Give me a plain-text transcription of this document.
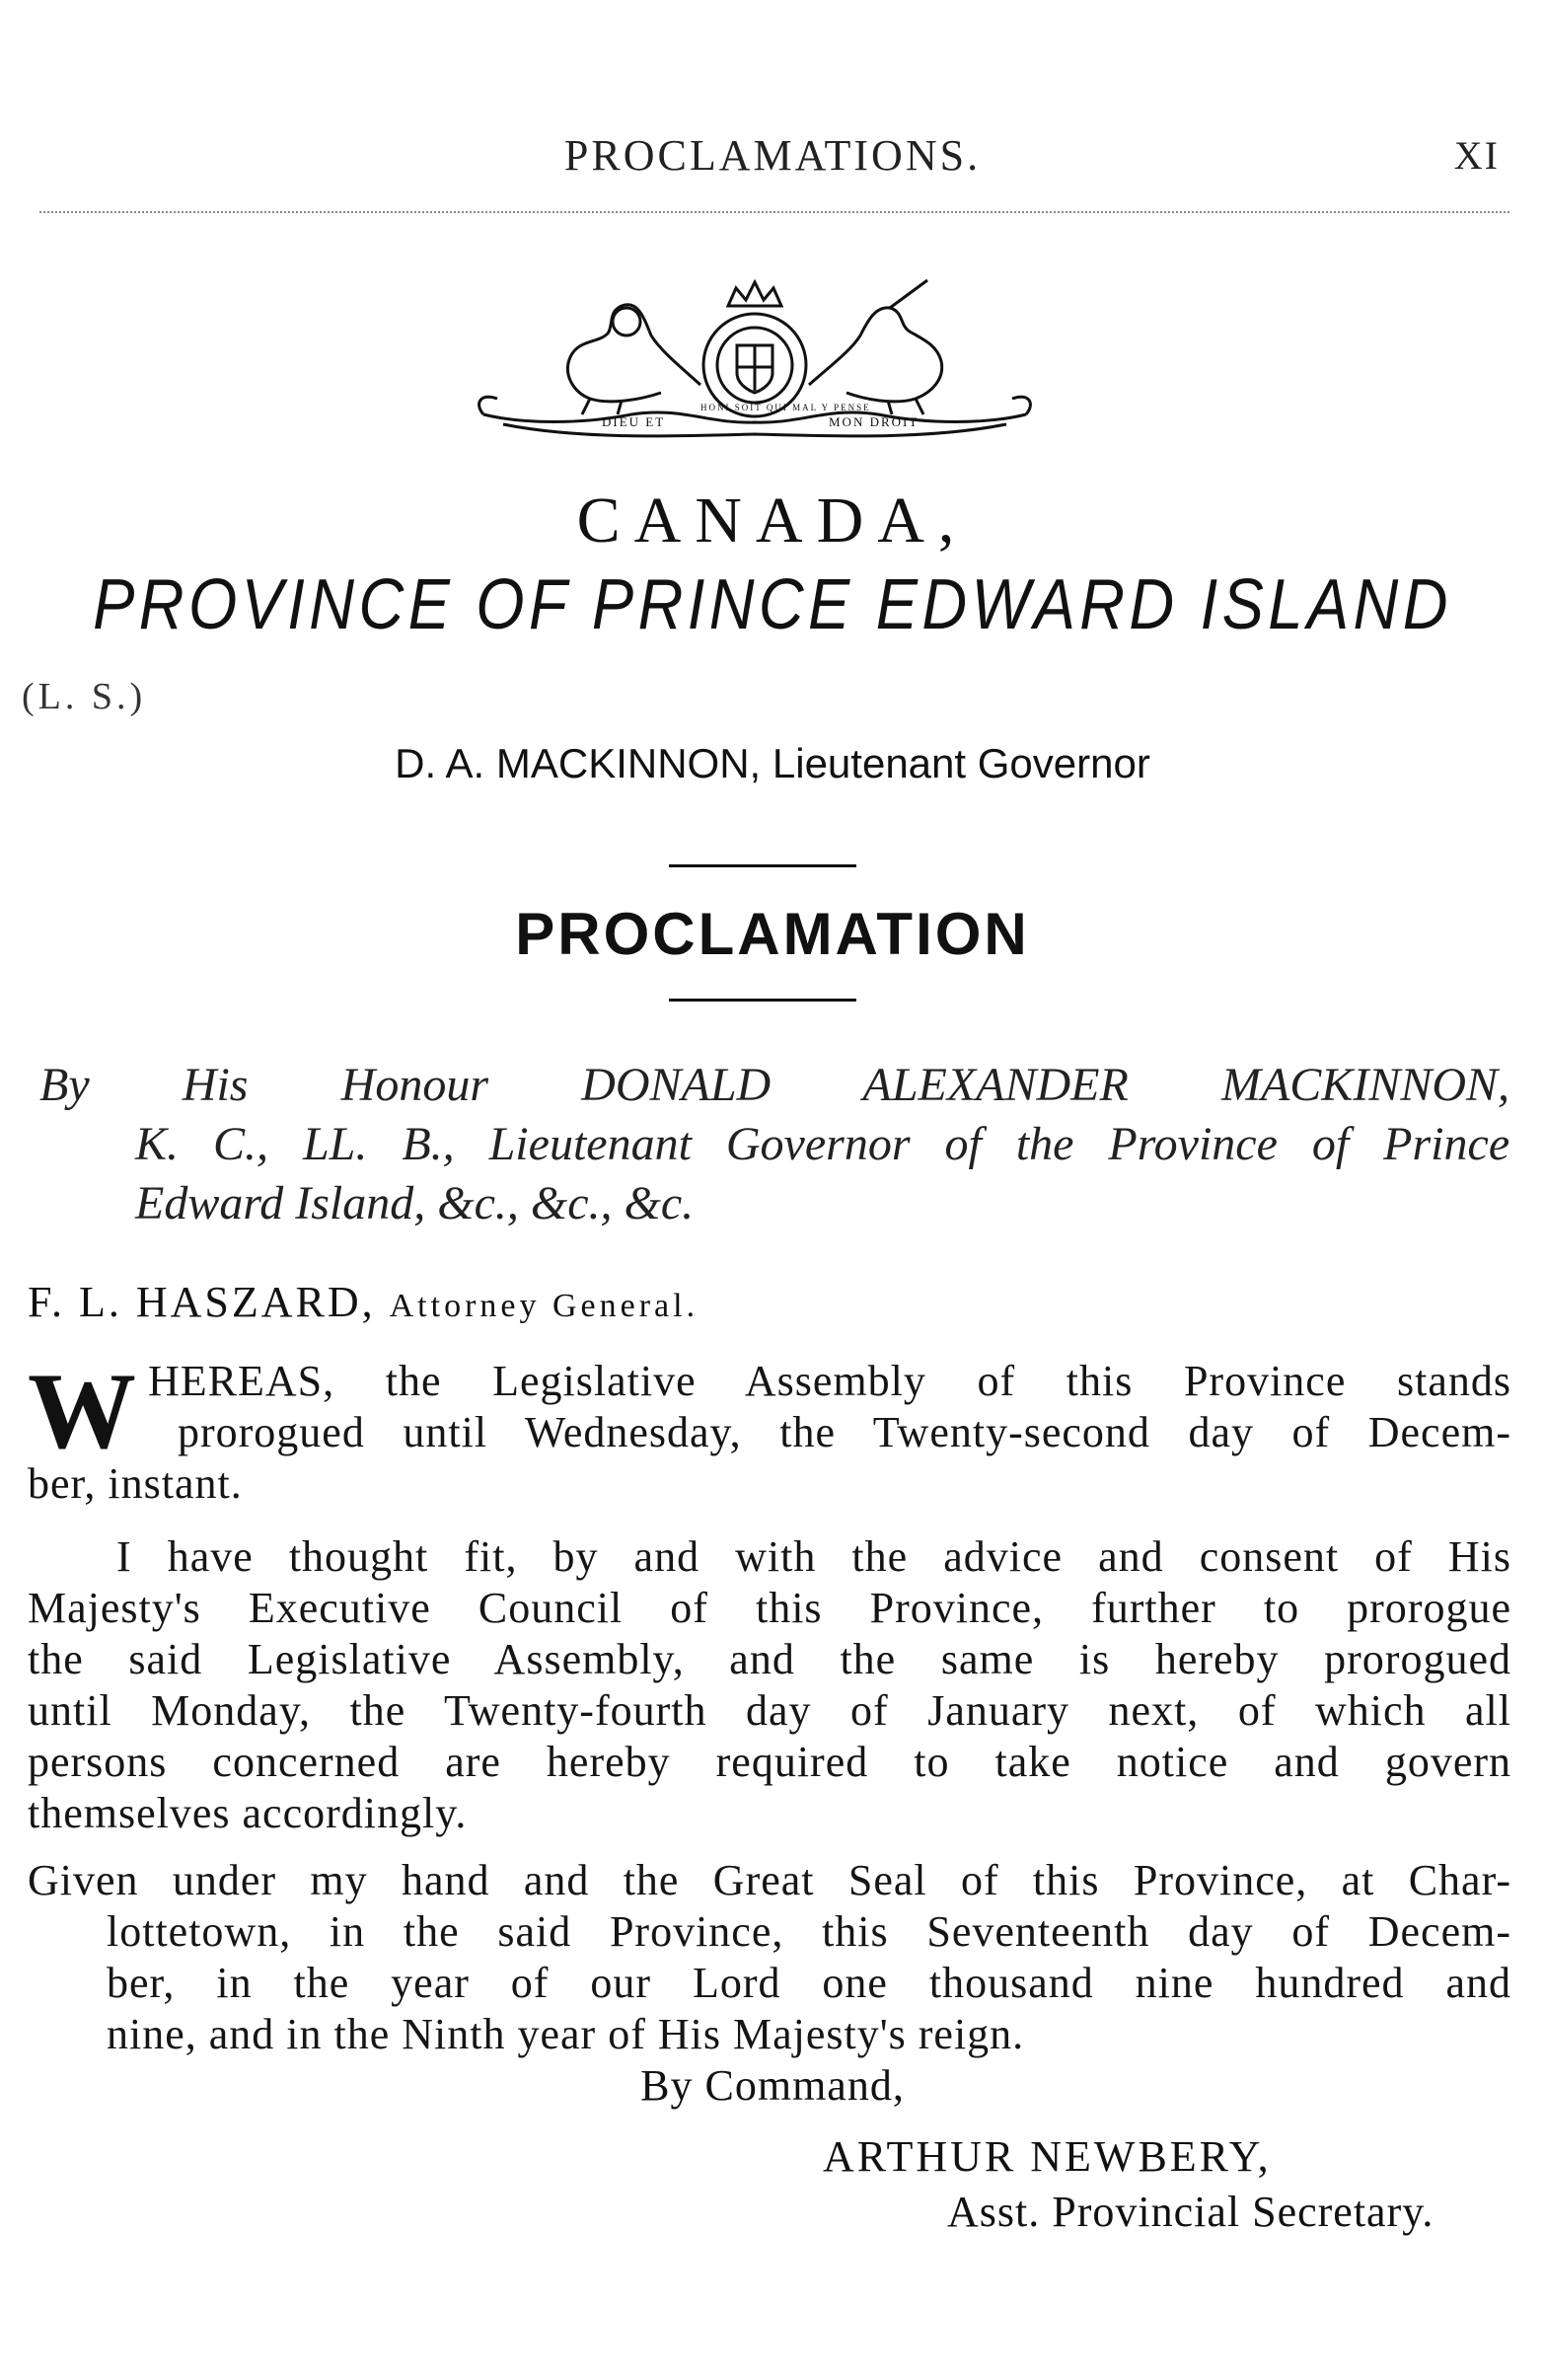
PROCLAMATIONS.	XI
DIEU ET	MON DROIT
HONI SOIT QUI MAL Y PENSE
CANADA,
PROVINCE OF PRINCE EDWARD ISLAND
(L. S.)
D. A. MACKINNON, Lieutenant Governor
PROCLAMATION
By His Honour DONALD ALEXANDER MACKINNON,
K. C., LL. B., Lieutenant Governor of the Province of Prince
Edward Island, &c., &c., &c.
F. L. HASZARD, Attorney General.
W HEREAS, the Legislative Assembly of this Province stands
prorogued until Wednesday, the Twenty-second day of Decem-
ber, instant.
I have thought fit, by and with the advice and consent of His
Majesty's Executive Council of this Province, further to prorogue
the said Legislative Assembly, and the same is hereby prorogued
until Monday, the Twenty-fourth day of January next, of which all
persons concerned are hereby required to take notice and govern
themselves accordingly.
Given under my hand and the Great Seal of this Province, at Char-
lottetown, in the said Province, this Seventeenth day of Decem-
ber, in the year of our Lord one thousand nine hundred and
nine, and in the Ninth year of His Majesty's reign.
By Command,
ARTHUR NEWBERY,
Asst. Provincial Secretary.
